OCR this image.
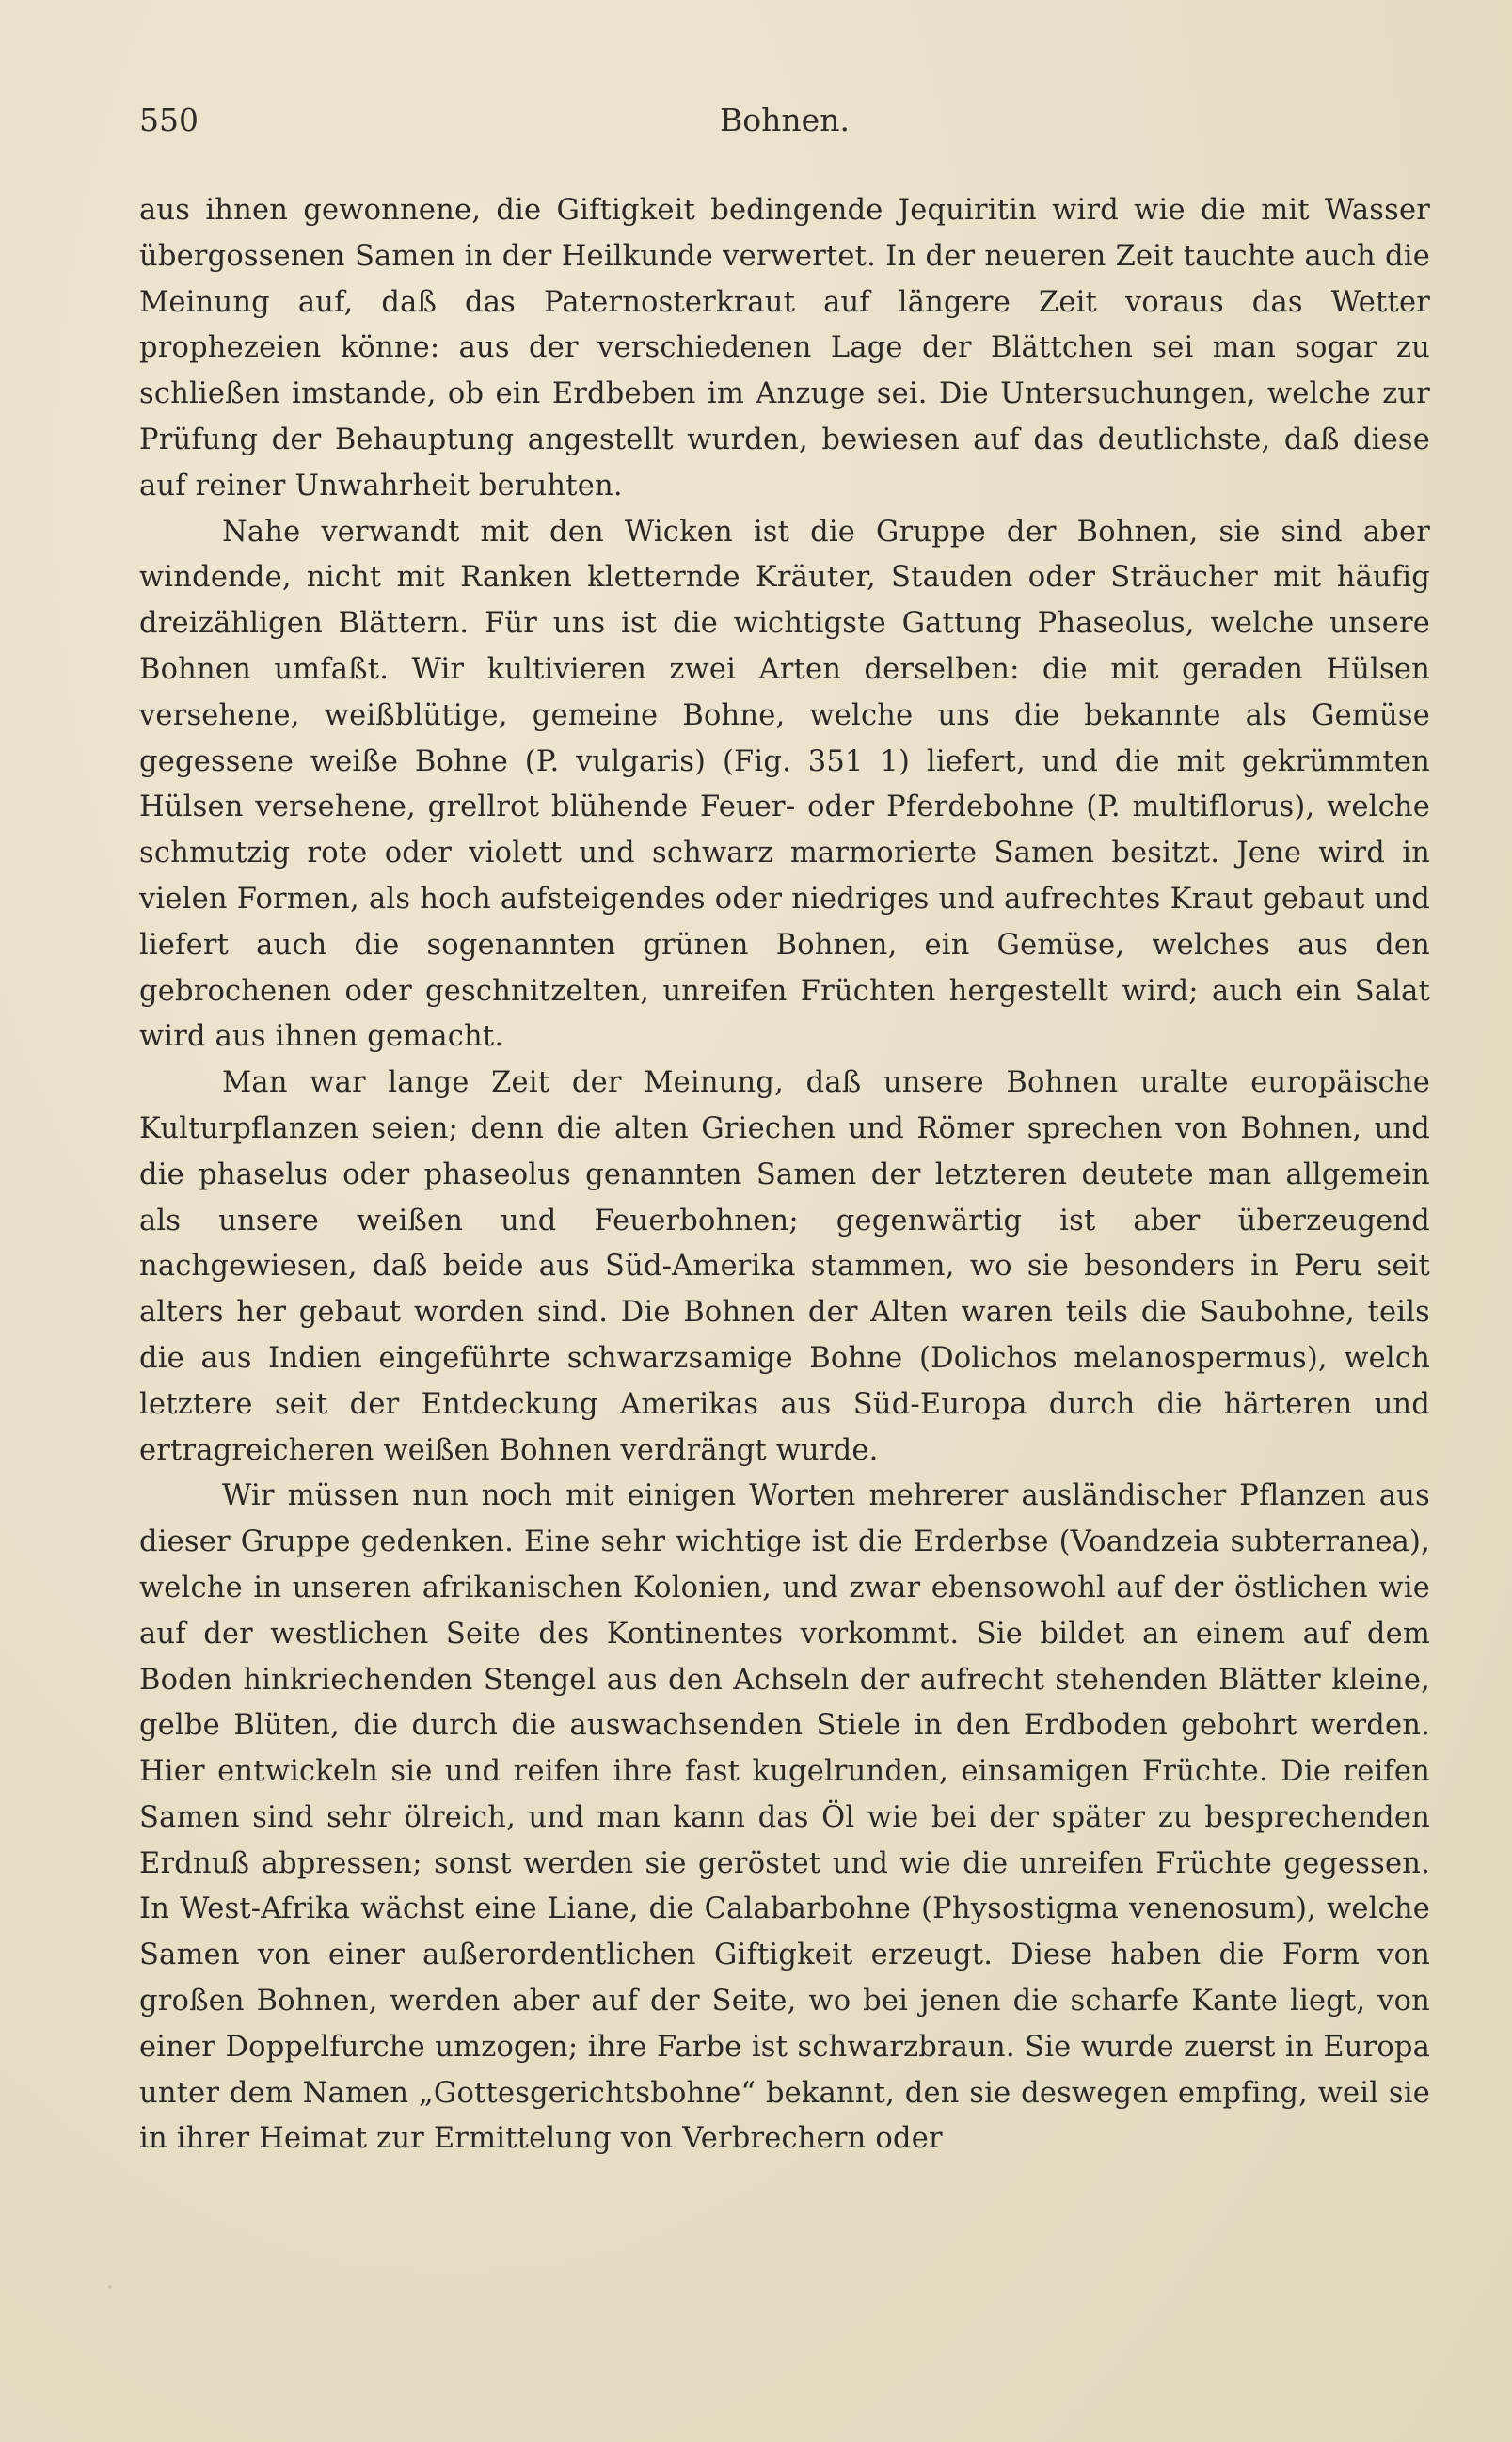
550	Bohnen.

aus ihnen gewonnene, die Giftigkeit bedingende Jequiritin wird wie die mit Wasser übergossenen Samen in der Heilkunde verwertet. In der neueren Zeit tauchte auch die Meinung auf, daß das Paternosterkraut auf längere Zeit voraus das Wetter prophezeien könne: aus der verschiedenen Lage der Blättchen sei man sogar zu schließen imstande, ob ein Erdbeben im Anzuge sei. Die Untersuchungen, welche zur Prüfung der Behauptung angestellt wurden, bewiesen auf das deutlichste, daß diese auf reiner Unwahrheit beruhten.

Nahe verwandt mit den Wicken ist die Gruppe der Bohnen, sie sind aber windende, nicht mit Ranken kletternde Kräuter, Stauden oder Sträucher mit häufig dreizähligen Blättern. Für uns ist die wichtigste Gattung Phaseolus, welche unsere Bohnen umfaßt. Wir kultivieren zwei Arten derselben: die mit geraden Hülsen versehene, weißblütige, gemeine Bohne, welche uns die bekannte als Gemüse gegessene weiße Bohne (P. vulgaris) (Fig. 351 1) liefert, und die mit gekrümmten Hülsen versehene, grellrot blühende Feuer- oder Pferdebohne (P. multiflorus), welche schmutzig rote oder violett und schwarz marmorierte Samen besitzt. Jene wird in vielen Formen, als hoch aufsteigendes oder niedriges und aufrechtes Kraut gebaut und liefert auch die sogenannten grünen Bohnen, ein Gemüse, welches aus den gebrochenen oder geschnitzelten, unreifen Früchten hergestellt wird; auch ein Salat wird aus ihnen gemacht.

Man war lange Zeit der Meinung, daß unsere Bohnen uralte europäische Kulturpflanzen seien; denn die alten Griechen und Römer sprechen von Bohnen, und die phaselus oder phaseolus genannten Samen der letzteren deutete man allgemein als unsere weißen und Feuerbohnen; gegenwärtig ist aber überzeugend nachgewiesen, daß beide aus Süd-Amerika stammen, wo sie besonders in Peru seit alters her gebaut worden sind. Die Bohnen der Alten waren teils die Saubohne, teils die aus Indien eingeführte schwarzsamige Bohne (Dolichos melanospermus), welch letztere seit der Entdeckung Amerikas aus Süd-Europa durch die härteren und ertragreicheren weißen Bohnen verdrängt wurde.

Wir müssen nun noch mit einigen Worten mehrerer ausländischer Pflanzen aus dieser Gruppe gedenken. Eine sehr wichtige ist die Erderbse (Voandzeia subterranea), welche in unseren afrikanischen Kolonien, und zwar ebensowohl auf der östlichen wie auf der westlichen Seite des Kontinentes vorkommt. Sie bildet an einem auf dem Boden hinkriechenden Stengel aus den Achseln der aufrecht stehenden Blätter kleine, gelbe Blüten, die durch die auswachsenden Stiele in den Erdboden gebohrt werden. Hier entwickeln sie und reifen ihre fast kugelrunden, einsamigen Früchte. Die reifen Samen sind sehr ölreich, und man kann das Öl wie bei der später zu besprechenden Erdnuß abpressen; sonst werden sie geröstet und wie die unreifen Früchte gegessen. In West-Afrika wächst eine Liane, die Calabarbohne (Physostigma venenosum), welche Samen von einer außerordentlichen Giftigkeit erzeugt. Diese haben die Form von großen Bohnen, werden aber auf der Seite, wo bei jenen die scharfe Kante liegt, von einer Doppelfurche umzogen; ihre Farbe ist schwarzbraun. Sie wurde zuerst in Europa unter dem Namen „Gottesgerichtsbohne“ bekannt, den sie deswegen empfing, weil sie in ihrer Heimat zur Ermittelung von Verbrechern oder
